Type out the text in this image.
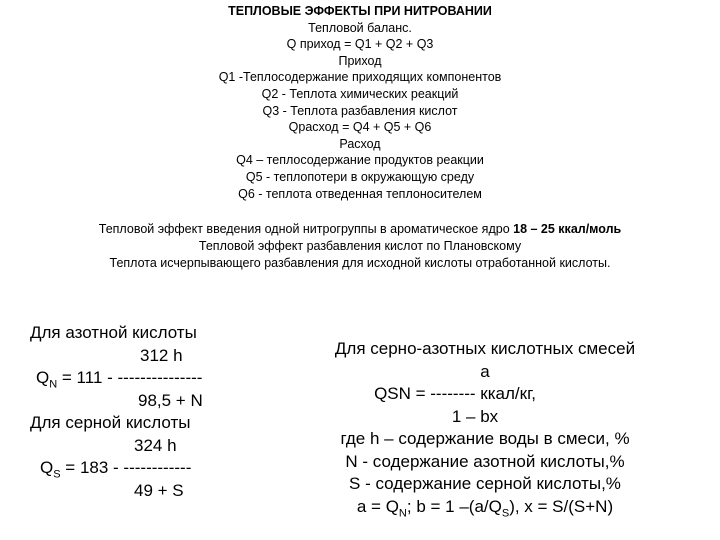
ТЕПЛОВЫЕ ЭФФЕКТЫ ПРИ НИТРОВАНИИ
Тепловой баланс.
Q приход = Q1 + Q2 + Q3
Приход
Q1 -Теплосодержание приходящих компонентов
Q2 - Теплота химических реакций
Q3 - Теплота разбавления кислот
Qрасход = Q4 + Q5 + Q6
Расход
Q4 – теплосодержание продуктов реакции
Q5 - теплопотери в окружающую среду
Q6 - теплота отведенная теплоносителем
Тепловой эффект введения одной нитрогруппы в ароматическое ядро 18 – 25 ккал/моль
Тепловой эффект разбавления кислот по Плановскому
Теплота исчерпывающего разбавления для исходной кислоты отработанной кислоты.
Для азотной кислоты
312 h
$Q_N = 111$ - ---------------
98,5 + N
Для серной кислоты
324 h
$Q_S = 183$ - ------------
49 + S
Для серно-азотных кислотных смесей
a
QSN = -------- ккал/кг,
1 – bx
где h – содержание воды в смеси, %
N - содержание азотной кислоты,%
S - содержание серной кислоты,%
$a = Q_N$; b = 1 $-(a/Q_S)$, x = S/(S+N)
